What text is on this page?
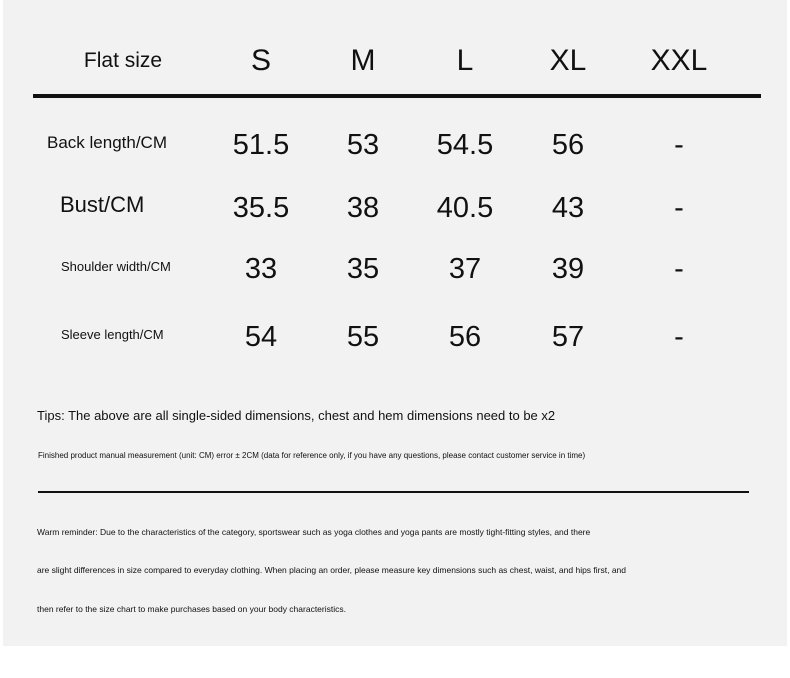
Flat size	S	M	L	XL	XXL
Back length/CM	51.5	53	54.5	56	-
Bust/CM	35.5	38	40.5	43	-
Shoulder width/CM	33	35	37	39	-
Sleeve length/CM	54	55	56	57	-
Tips: The above are all single-sided dimensions, chest and hem dimensions need to be x2
Finished product manual measurement (unit: CM) error ± 2CM (data for reference only, if you have any questions, please contact customer service in time)
Warm reminder: Due to the characteristics of the category, sportswear such as yoga clothes and yoga pants are mostly tight-fitting styles, and there
are slight differences in size compared to everyday clothing. When placing an order, please measure key dimensions such as chest, waist, and hips first, and
then refer to the size chart to make purchases based on your body characteristics.
